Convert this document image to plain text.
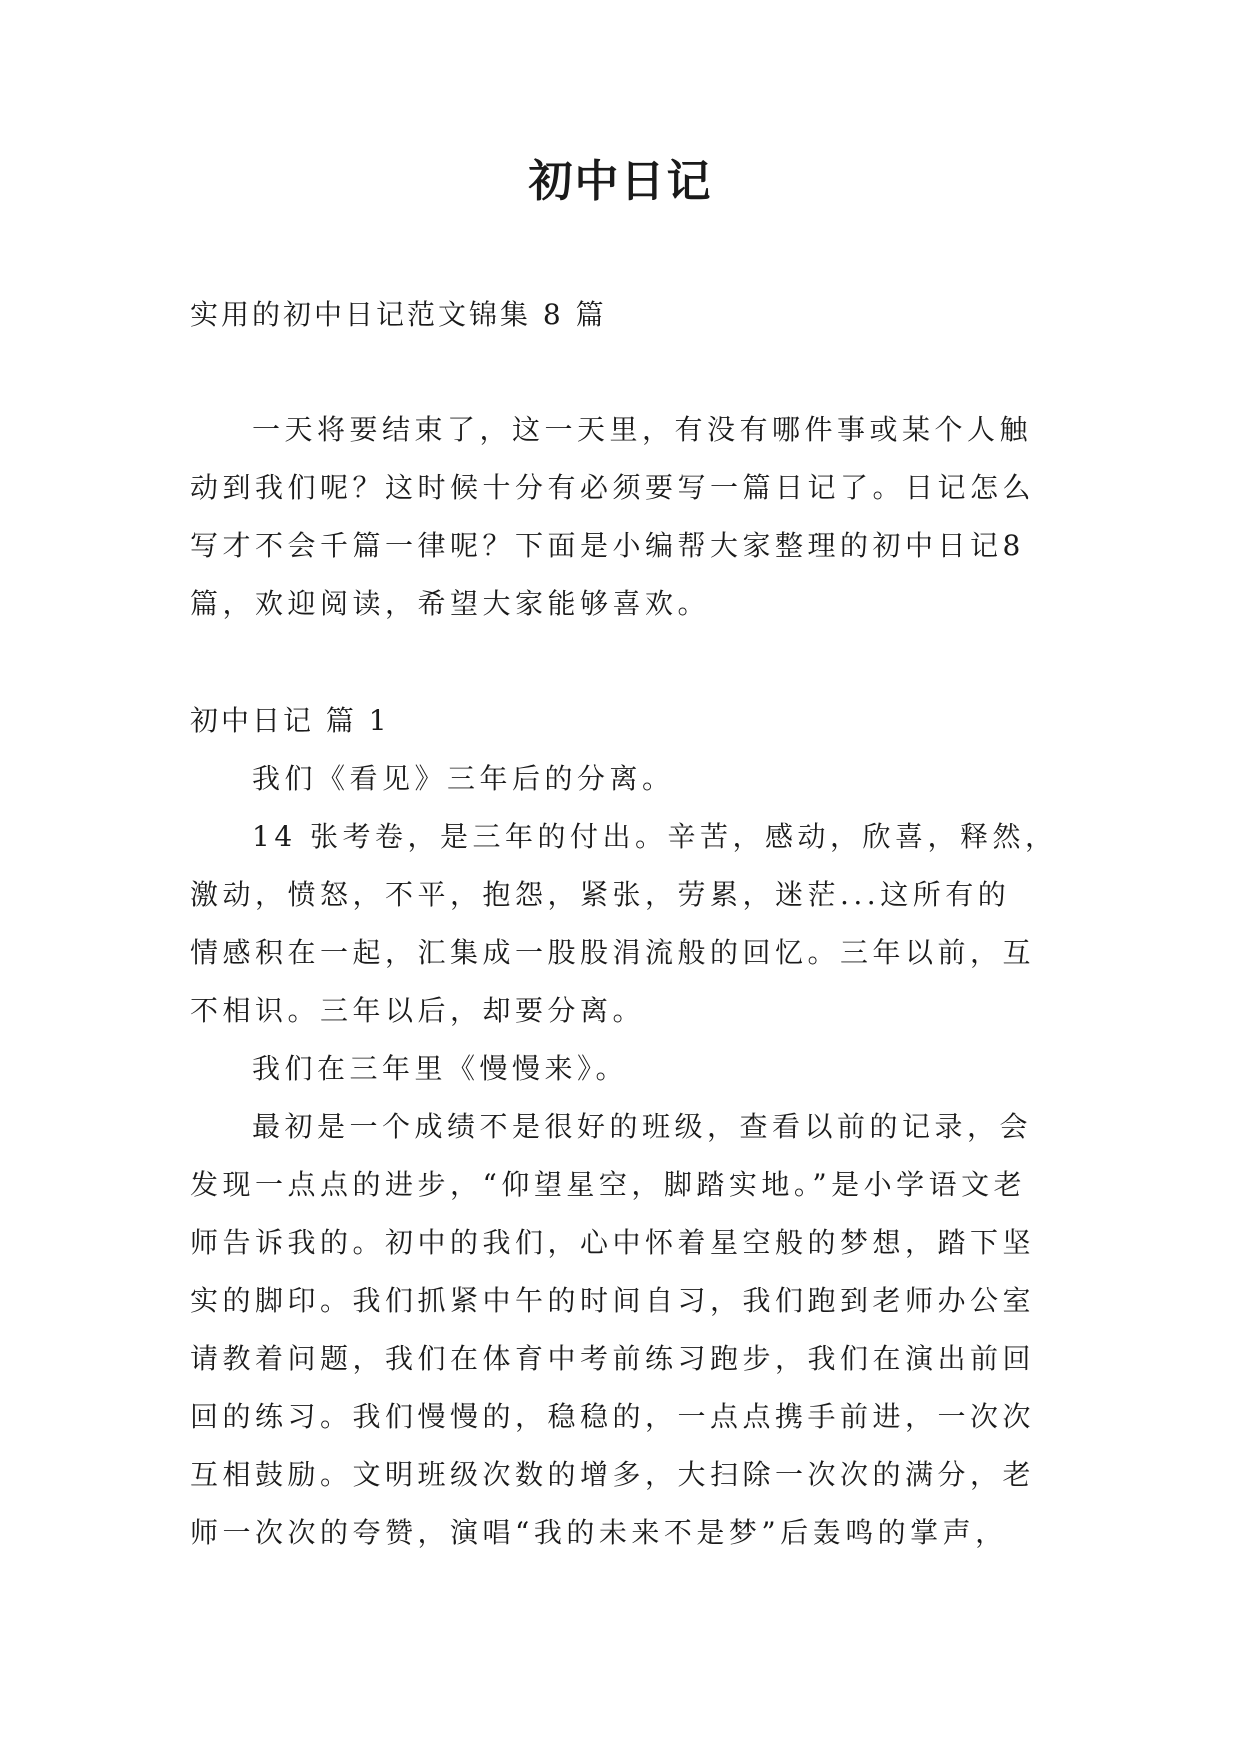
初中日记
实用的初中日记范文锦集 8 篇
一天将要结束了，这一天里，有没有哪件事或某个人触
动到我们呢？这时候十分有必须要写一篇日记了。日记怎么
写才不会千篇一律呢？下面是小编帮大家整理的初中日记8
篇，欢迎阅读，希望大家能够喜欢。
初中日记 篇 1
我们《看见》三年后的分离。
14 张考卷，是三年的付出。辛苦，感动，欣喜，释然，
激动，愤怒，不平，抱怨，紧张，劳累，迷茫...这所有的
情感积在一起，汇集成一股股涓流般的回忆。三年以前，互
不相识。三年以后，却要分离。
我们在三年里《慢慢来》。
最初是一个成绩不是很好的班级，查看以前的记录，会
发现一点点的进步，“仰望星空，脚踏实地。”是小学语文老
师告诉我的。初中的我们，心中怀着星空般的梦想，踏下坚
实的脚印。我们抓紧中午的时间自习，我们跑到老师办公室
请教着问题，我们在体育中考前练习跑步，我们在演出前回
回的练习。我们慢慢的，稳稳的，一点点携手前进，一次次
互相鼓励。文明班级次数的增多，大扫除一次次的满分，老
师一次次的夸赞，演唱“我的未来不是梦”后轰鸣的掌声，
